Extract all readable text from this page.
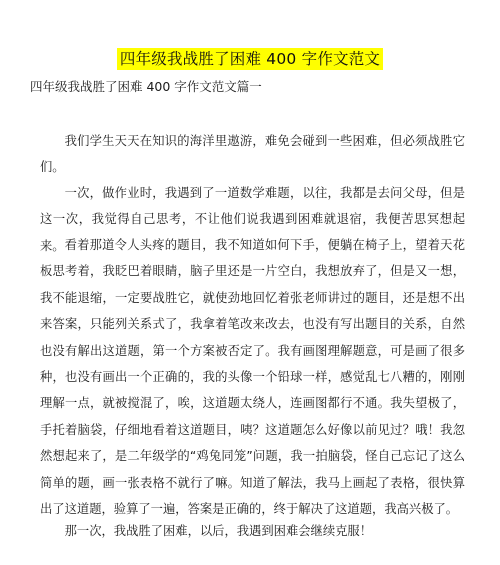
四年级我战胜了困难 400 字作文范文
四年级我战胜了困难 400 字作文范文篇一

我们学生天天在知识的海洋里遨游，难免会碰到一些困难，但必须战胜它们。

一次，做作业时，我遇到了一道数学难题，以往，我都是去问父母，但是这一次，我觉得自己思考，不让他们说我遇到困难就退宿，我便苦思冥想起来。 看着那道令人头疼的题目，我不知道如何下手，便躺在椅子上，望着天花板思考着，我眨巴着眼睛，脑子里还是一片空白，我想放弃了，但是又一想，我不能退缩，一定要战胜它，就使劲地回忆着张老师讲过的题目，还是想不出来答案，只能列关系式了，我拿着笔改来改去，也没有写出题目的关系，自然也没有解出这道题，第一个方案被否定了。我有画图理解题意，可是画了很多种，也没有画出一个正确的，我的头像一个铅球一样，感觉乱七八糟的，刚刚理解一点，就被搅混了，唉，这道题太绕人，连画图都行不通。我失望极了，手托着脑袋，仔细地看着这道题目，咦？这道题怎么好像以前见过？哦！我忽然想起来了，是二年级学的“鸡兔同笼”问题，我一拍脑袋，怪自己忘记了这么简单的题，画一张表格不就行了嘛。知道了解法，我马上画起了表格，很快算出了这道题，验算了一遍，答案是正确的，终于解决了这道题，我高兴极了。

那一次，我战胜了困难，以后，我遇到困难会继续克服！
